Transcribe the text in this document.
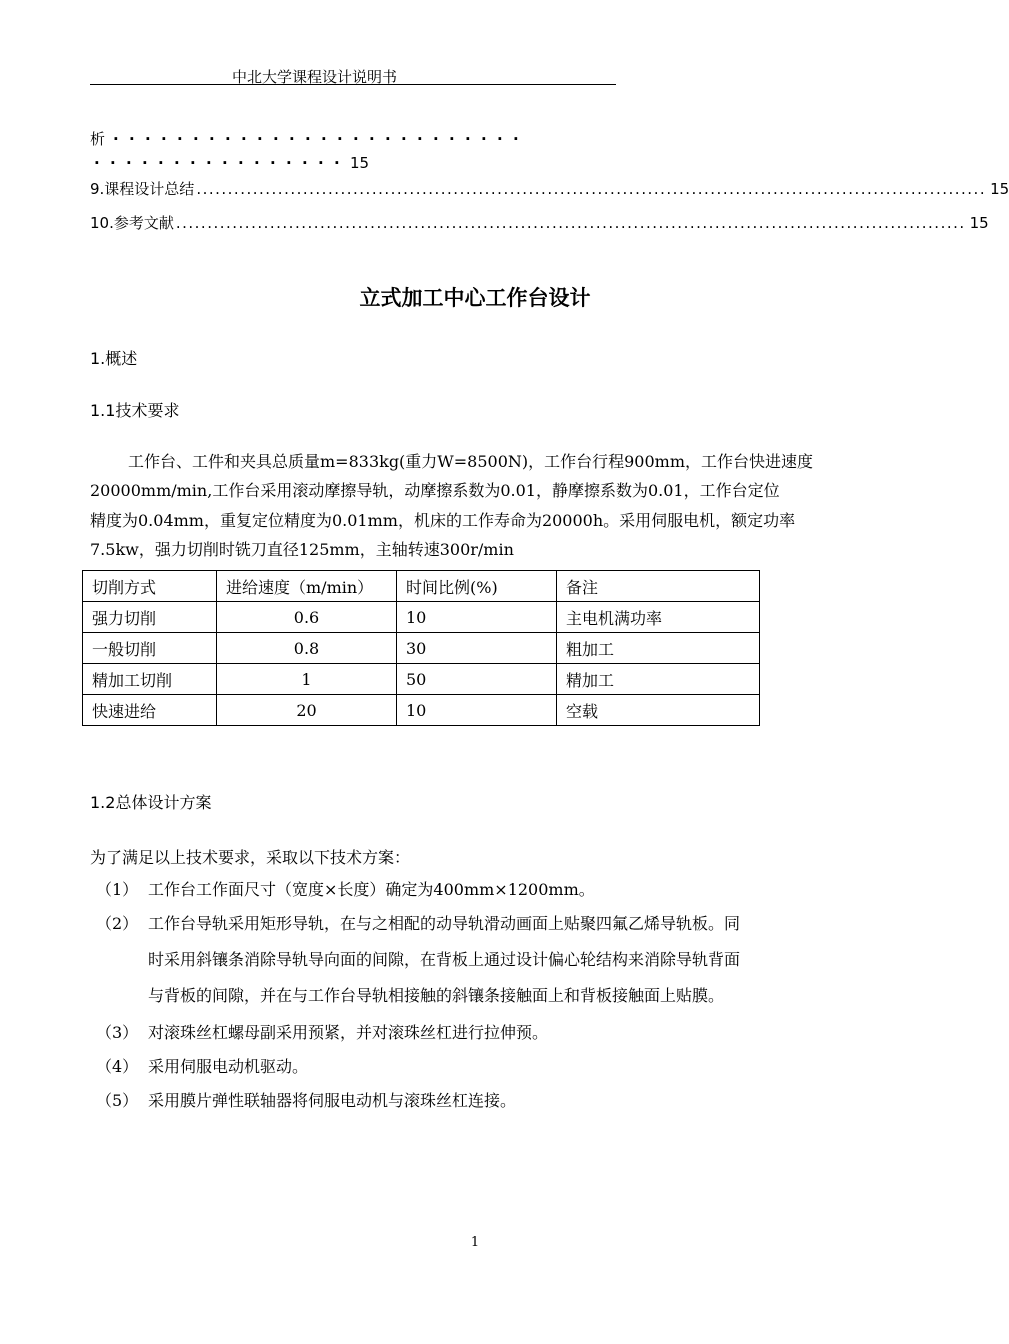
中北大学课程设计说明书
析 ··························
················15
9.课程设计总结 .............................................................................................................................. 15
10.参考文献 .............................................................................................................................. 15
立式加工中心工作台设计
1.概述
1.1技术要求
工作台、工件和夹具总质量m=833kg(重力W=8500N)，工作台行程900mm，工作台快进速度
20000mm/min,工作台采用滚动摩擦导轨，动摩擦系数为0.01，静摩擦系数为0.01，工作台定位
精度为0.04mm，重复定位精度为0.01mm，机床的工作寿命为20000h。采用伺服电机，额定功率
7.5kw，强力切削时铣刀直径125mm，主轴转速300r/min
切削方式	进给速度（m/min）	时间比例(%)	备注
强力切削	0.6	10	主电机满功率
一般切削	0.8	30	粗加工
精加工切削	1	50	精加工
快速进给	20	10	空载
1.2总体设计方案
为了满足以上技术要求，采取以下技术方案：
（1） 工作台工作面尺寸（宽度×长度）确定为400mm×1200mm。
（2） 工作台导轨采用矩形导轨，在与之相配的动导轨滑动画面上贴聚四氟乙烯导轨板。同
时采用斜镶条消除导轨导向面的间隙，在背板上通过设计偏心轮结构来消除导轨背面
与背板的间隙，并在与工作台导轨相接触的斜镶条接触面上和背板接触面上贴膜。
（3） 对滚珠丝杠螺母副采用预紧，并对滚珠丝杠进行拉伸预。
（4） 采用伺服电动机驱动。
（5） 采用膜片弹性联轴器将伺服电动机与滚珠丝杠连接。
1
